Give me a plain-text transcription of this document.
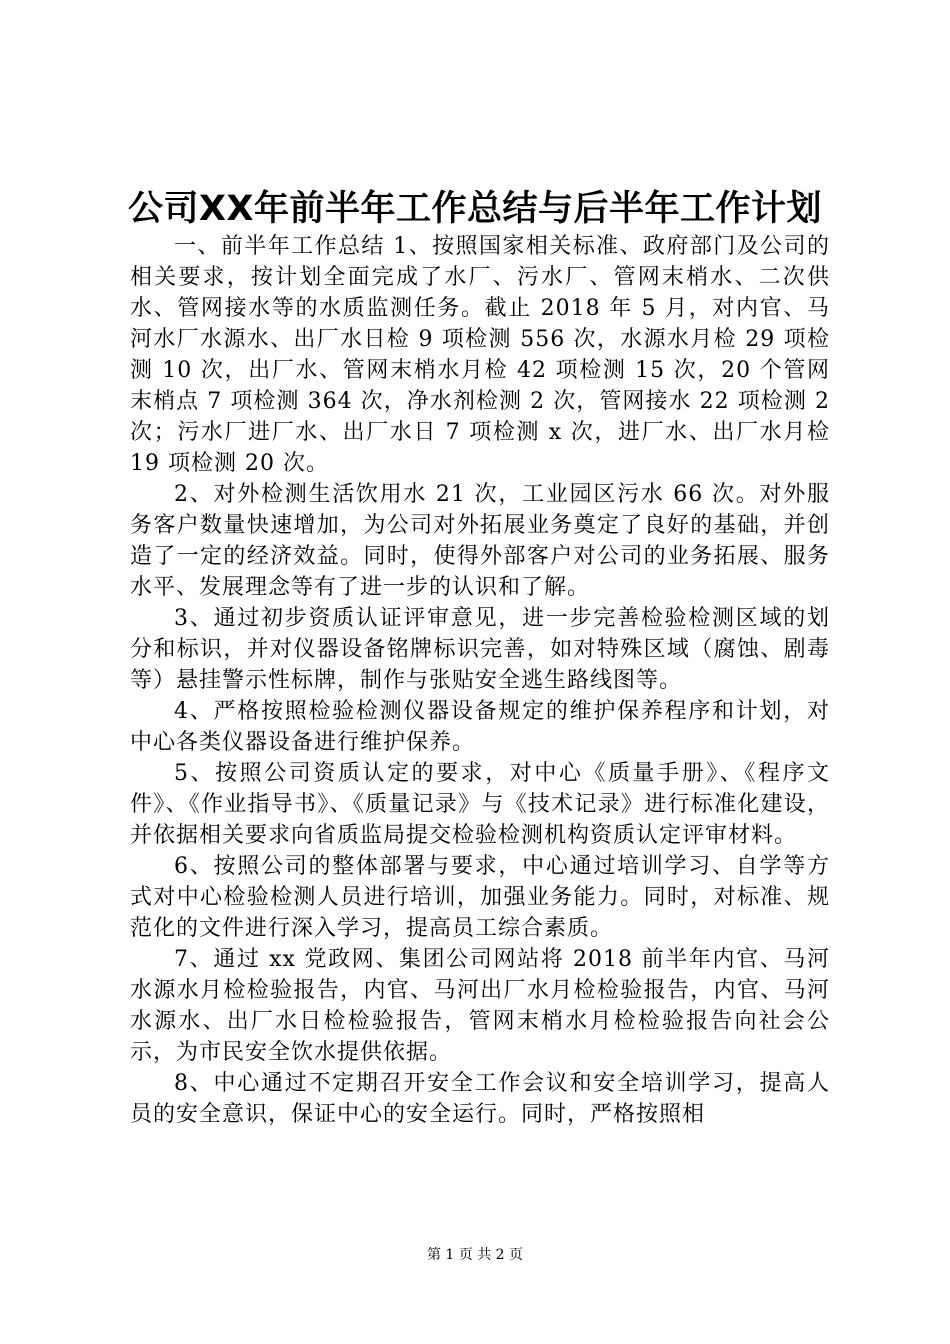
公司XX年前半年工作总结与后半年工作计划

一、前半年工作总结 1、按照国家相关标准、政府部门及公司的相关要求，按计划全面完成了水厂、污水厂、管网末梢水、二次供水、管网接水等的水质监测任务。截止 2018 年 5 月，对内官、马河水厂水源水、出厂水日检 9 项检测 556 次，水源水月检 29 项检测 10 次，出厂水、管网末梢水月检 42 项检测 15 次，20 个管网末梢点 7 项检测 364 次，净水剂检测 2 次，管网接水 22 项检测 2 次；污水厂进厂水、出厂水日 7 项检测 x 次，进厂水、出厂水月检 19 项检测 20 次。

2、对外检测生活饮用水 21 次，工业园区污水 66 次。对外服务客户数量快速增加，为公司对外拓展业务奠定了良好的基础，并创造了一定的经济效益。同时，使得外部客户对公司的业务拓展、服务水平、发展理念等有了进一步的认识和了解。

3、通过初步资质认证评审意见，进一步完善检验检测区域的划分和标识，并对仪器设备铭牌标识完善，如对特殊区域（腐蚀、剧毒等）悬挂警示性标牌，制作与张贴安全逃生路线图等。

4、严格按照检验检测仪器设备规定的维护保养程序和计划，对中心各类仪器设备进行维护保养。

5、按照公司资质认定的要求，对中心《质量手册》、《程序文件》、《作业指导书》、《质量记录》与《技术记录》进行标准化建设，并依据相关要求向省质监局提交检验检测机构资质认定评审材料。

6、按照公司的整体部署与要求，中心通过培训学习、自学等方式对中心检验检测人员进行培训，加强业务能力。同时，对标准、规范化的文件进行深入学习，提高员工综合素质。

7、通过 xx 党政网、集团公司网站将 2018 前半年内官、马河水源水月检检验报告，内官、马河出厂水月检检验报告，内官、马河水源水、出厂水日检检验报告，管网末梢水月检检验报告向社会公示，为市民安全饮水提供依据。

8、中心通过不定期召开安全工作会议和安全培训学习，提高人员的安全意识，保证中心的安全运行。同时，严格按照相

第 1 页 共 2 页
